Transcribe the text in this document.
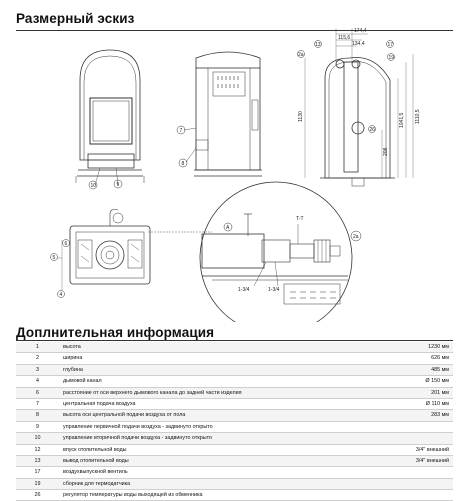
Размерный эскиз
10	9
7
8
13
2a
17
19
26
174,4
115,6
134,4
1130	1041,5 1110,5
208
6
5
4
A
T-T
1-3/4	1-3/4
2a
Доплнительная информация
1	высота	1230 мм
2	ширина	626 мм
3	глубина	485 мм
4	дымовой канал	Ø 150 мм
6	расстояние от оси верхнего дымового канала до задней части изделия	201 мм
7	центральная подача воздуха	Ø 110 мм
8	высота оси центральной подачи воздуха от пола	283 мм
9	управление первичной подачи воздуха - задвинуто открыто
10	управление вторичной подачи воздуха - задвинуто открыто
12	впуск отопительной воды	3/4" внешний
13	вывод отопительной воды	3/4" внешний
17	воздухвыпускной вентиль
19	сборник для термодатчика
26	регулятор температуры воды выходящей из обменника
